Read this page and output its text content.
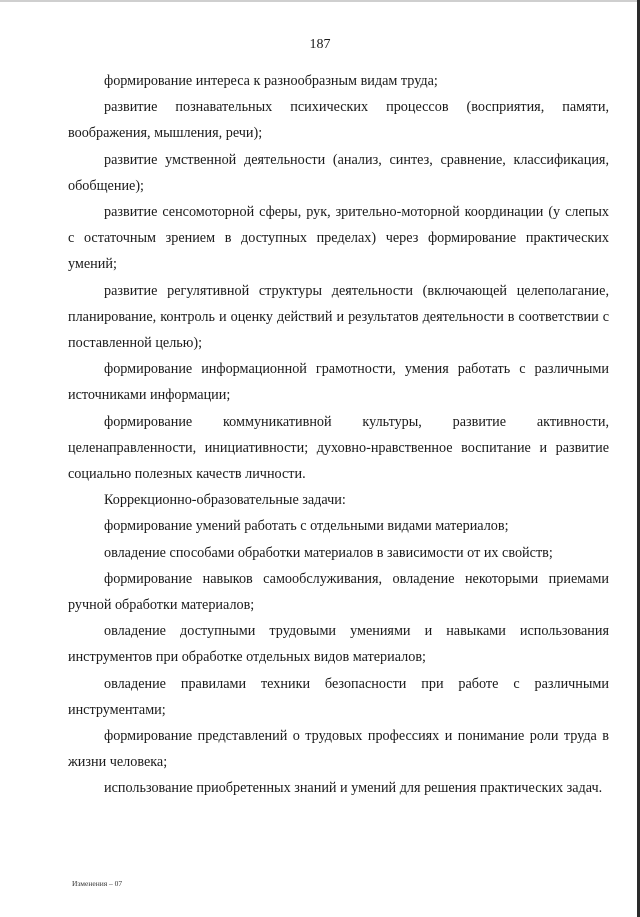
187

формирование интереса к разнообразным видам труда;

развитие познавательных психических процессов (восприятия, памяти, воображения, мышления, речи);

развитие умственной деятельности (анализ, синтез, сравнение, классификация, обобщение);

развитие сенсомоторной сферы, рук, зрительно-моторной координации (у слепых с остаточным зрением в доступных пределах) через формирование практических умений;

развитие регулятивной структуры деятельности (включающей целеполагание, планирование, контроль и оценку действий и результатов деятельности в соответствии с поставленной целью);

формирование информационной грамотности, умения работать с различными источниками информации;

формирование коммуникативной культуры, развитие активности, целенаправленности, инициативности; духовно-нравственное воспитание и развитие социально полезных качеств личности.

Коррекционно-образовательные задачи:

формирование умений работать с отдельными видами материалов;

овладение способами обработки материалов в зависимости от их свойств;

формирование навыков самообслуживания, овладение некоторыми приемами ручной обработки материалов;

овладение доступными трудовыми умениями и навыками использования инструментов при обработке отдельных видов материалов;

овладение правилами техники безопасности при работе с различными инструментами;

формирование представлений о трудовых профессиях и понимание роли труда в жизни человека;

использование приобретенных знаний и умений для решения практических задач.

Изменения – 07
